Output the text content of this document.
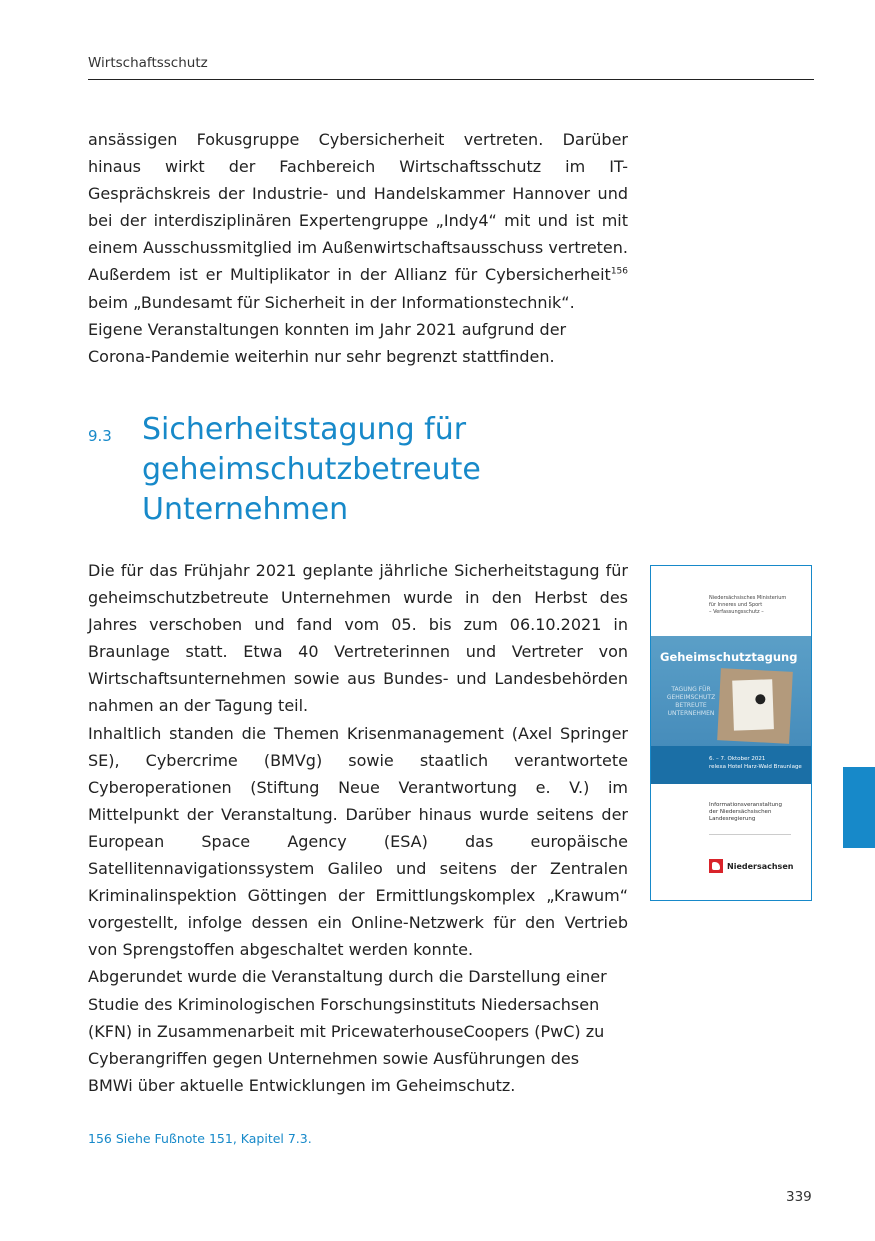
Wirtschaftsschutz

ansässigen Fokusgruppe Cybersicherheit vertreten. Darüber hinaus wirkt der Fachbereich Wirtschaftsschutz im IT-Gesprächskreis der Industrie- und Handelskammer Hannover und bei der interdisziplinären Expertengruppe „Indy4“ mit und ist mit einem Ausschussmitglied im Außenwirtschaftsausschuss vertreten. Außerdem ist er Multiplikator in der Allianz für Cybersicherheit$^{156}$ beim „Bundesamt für Sicherheit in der Informationstechnik“.

Eigene Veranstaltungen konnten im Jahr 2021 aufgrund der Corona-Pandemie weiterhin nur sehr begrenzt stattfinden.

9.3 Sicherheitstagung für
geheimschutzbetreute
Unternehmen

Die für das Frühjahr 2021 geplante jährliche Sicherheitstagung für geheimschutzbetreute Unternehmen wurde in den Herbst des Jahres verschoben und fand vom 05. bis zum 06.10.2021 in Braunlage statt. Etwa 40 Vertreterinnen und Vertreter von Wirtschaftsunternehmen sowie aus Bundes- und Landesbehörden nahmen an der Tagung teil.

Inhaltlich standen die Themen Krisenmanagement (Axel Springer SE), Cybercrime (BMVg) sowie staatlich verantwortete Cyberoperationen (Stiftung Neue Verantwortung e. V.) im Mittelpunkt der Veranstaltung. Darüber hinaus wurde seitens der European Space Agency (ESA) das europäische Satellitennavigationssystem Galileo und seitens der Zentralen Kriminalinspektion Göttingen der Ermittlungskomplex „Krawum“ vorgestellt, infolge dessen ein Online-Netzwerk für den Vertrieb von Sprengstoffen abgeschaltet werden konnte.

Abgerundet wurde die Veranstaltung durch die Darstellung einer Studie des Kriminologischen Forschungsinstituts Niedersachsen (KFN) in Zusammenarbeit mit PricewaterhouseCoopers (PwC) zu Cyberangriffen gegen Unternehmen sowie Ausführungen des BMWi über aktuelle Entwicklungen im Geheimschutz.

Niedersächsisches Ministerium
für Inneres und Sport
– Verfassungsschutz –
Geheimschutztagung
TAGUNG FÜR
GEHEIMSCHUTZ
BETREUTE
UNTERNEHMEN
6. – 7. Oktober 2021
relexa Hotel Harz-Wald Braunlage
Informationsveranstaltung
der Niedersächsischen
Landesregierung
Niedersachsen
156 Siehe Fußnote 151, Kapitel 7.3.
339
